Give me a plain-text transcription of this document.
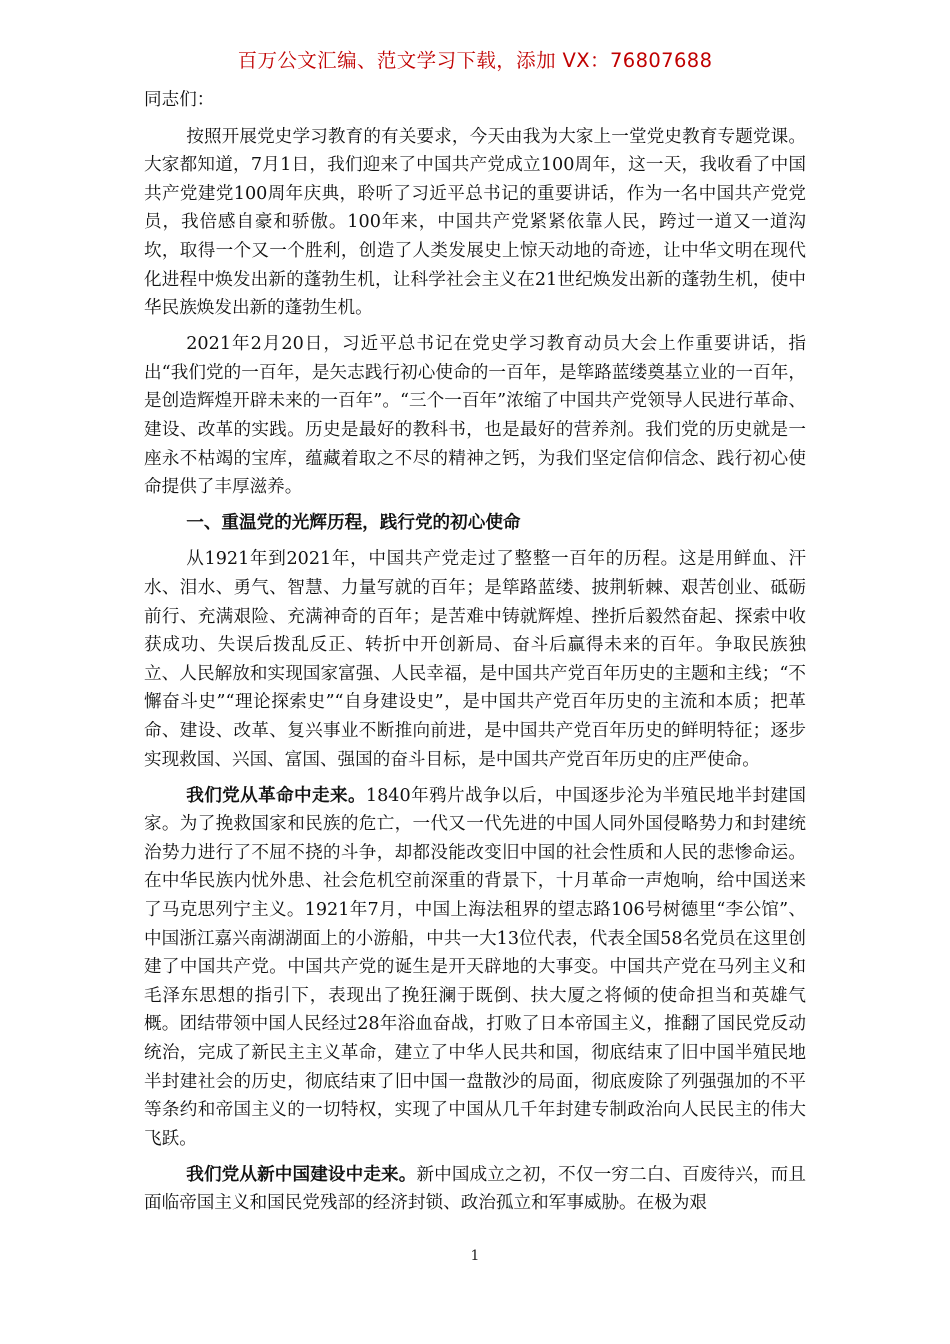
百万公文汇编、范文学习下载，添加 VX：76807688

同志们：

按照开展党史学习教育的有关要求，今天由我为大家上一堂党史教育专题党课。大家都知道，7月1日，我们迎来了中国共产党成立100周年，这一天，我收看了中国共产党建党100周年庆典，聆听了习近平总书记的重要讲话，作为一名中国共产党党员，我倍感自豪和骄傲。100年来，中国共产党紧紧依靠人民，跨过一道又一道沟坎，取得一个又一个胜利，创造了人类发展史上惊天动地的奇迹，让中华文明在现代化进程中焕发出新的蓬勃生机，让科学社会主义在21世纪焕发出新的蓬勃生机，使中华民族焕发出新的蓬勃生机。

2021年2月20日，习近平总书记在党史学习教育动员大会上作重要讲话，指出“我们党的一百年，是矢志践行初心使命的一百年，是筚路蓝缕奠基立业的一百年，是创造辉煌开辟未来的一百年”。“三个一百年”浓缩了中国共产党领导人民进行革命、建设、改革的实践。历史是最好的教科书，也是最好的营养剂。我们党的历史就是一座永不枯竭的宝库，蕴藏着取之不尽的精神之钙，为我们坚定信仰信念、践行初心使命提供了丰厚滋养。

一、重温党的光辉历程，践行党的初心使命

从1921年到2021年，中国共产党走过了整整一百年的历程。这是用鲜血、汗水、泪水、勇气、智慧、力量写就的百年；是筚路蓝缕、披荆斩棘、艰苦创业、砥砺前行、充满艰险、充满神奇的百年；是苦难中铸就辉煌、挫折后毅然奋起、探索中收获成功、失误后拨乱反正、转折中开创新局、奋斗后赢得未来的百年。争取民族独立、人民解放和实现国家富强、人民幸福，是中国共产党百年历史的主题和主线；“不懈奋斗史”“理论探索史”“自身建设史”，是中国共产党百年历史的主流和本质；把革命、建设、改革、复兴事业不断推向前进，是中国共产党百年历史的鲜明特征；逐步实现救国、兴国、富国、强国的奋斗目标，是中国共产党百年历史的庄严使命。

我们党从革命中走来。1840年鸦片战争以后，中国逐步沦为半殖民地半封建国家。为了挽救国家和民族的危亡，一代又一代先进的中国人同外国侵略势力和封建统治势力进行了不屈不挠的斗争，却都没能改变旧中国的社会性质和人民的悲惨命运。在中华民族内忧外患、社会危机空前深重的背景下，十月革命一声炮响，给中国送来了马克思列宁主义。1921年7月，中国上海法租界的望志路106号树德里“李公馆”、中国浙江嘉兴南湖湖面上的小游船，中共一大13位代表，代表全国58名党员在这里创建了中国共产党。中国共产党的诞生是开天辟地的大事变。中国共产党在马列主义和毛泽东思想的指引下，表现出了挽狂澜于既倒、扶大厦之将倾的使命担当和英雄气概。团结带领中国人民经过28年浴血奋战，打败了日本帝国主义，推翻了国民党反动统治，完成了新民主主义革命，建立了中华人民共和国，彻底结束了旧中国半殖民地半封建社会的历史，彻底结束了旧中国一盘散沙的局面，彻底废除了列强强加的不平等条约和帝国主义的一切特权，实现了中国从几千年封建专制政治向人民民主的伟大飞跃。

我们党从新中国建设中走来。新中国成立之初，不仅一穷二白、百废待兴，而且面临帝国主义和国民党残部的经济封锁、政治孤立和军事威胁。在极为艰

1
